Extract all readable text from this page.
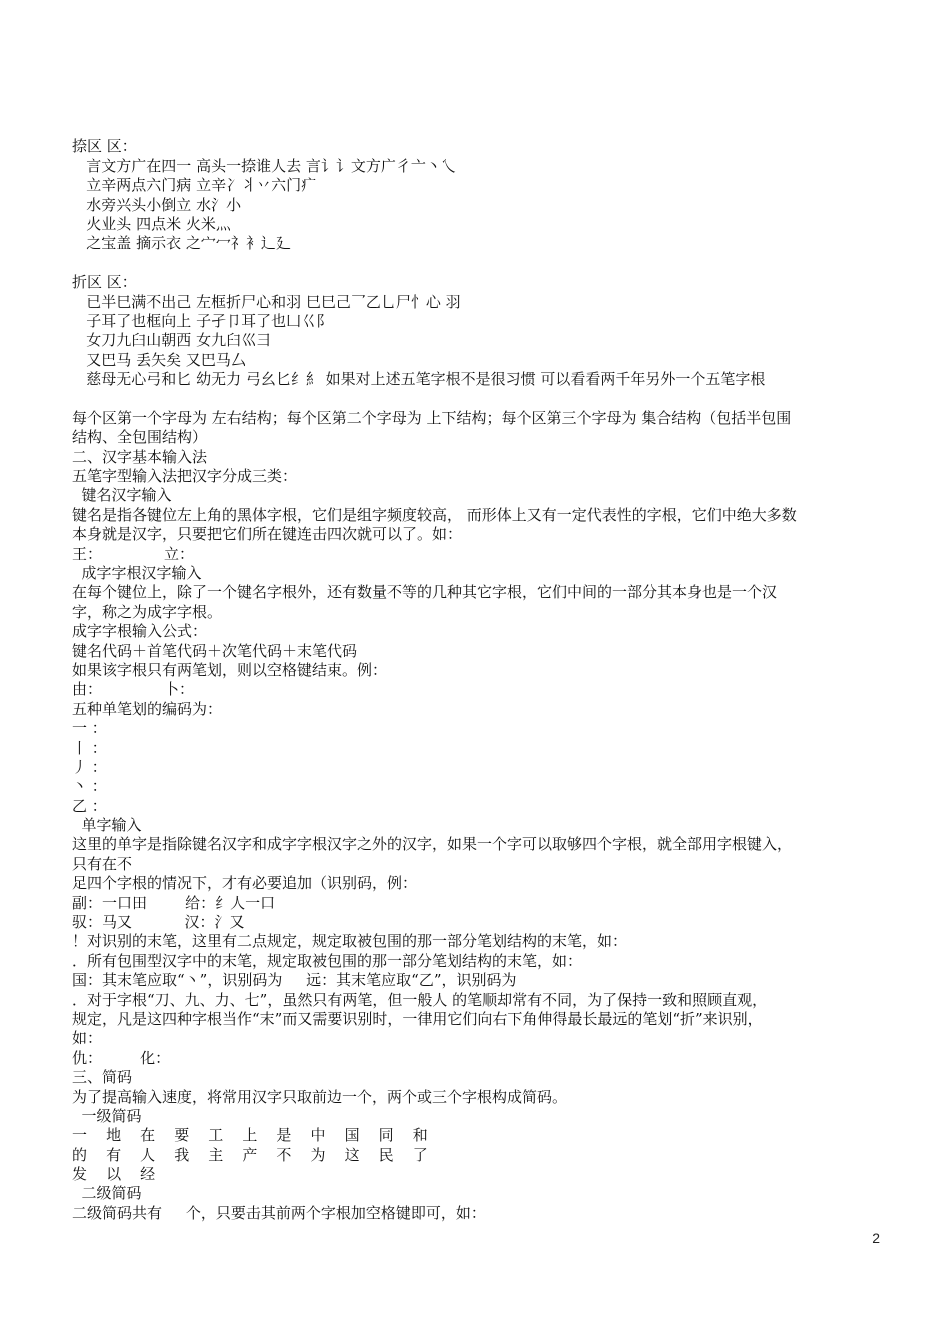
捺区 区：
言文方广在四一 高头一捺谁人去 言讠讠文方广彳亠丶乀
立辛两点六门病 立辛冫丬丷六门疒
水旁兴头小倒立 水氵小
火业头 四点米 火米灬
之宝盖 摘示衣 之宀冖礻衤辶廴
折区 区：
已半巳满不出己 左框折尸心和羽 巳巳己乛乙乚尸忄心 羽
子耳了也框向上 子孑卩耳了也凵巜阝
女刀九臼山朝西 女九臼巛彐
又巴马 丢矢矣 又巴马厶
慈母无心弓和匕 幼无力 弓幺匕纟糹 如果对上述五笔字根不是很习惯 可以看看两千年另外一个五笔字根
每个区第一个字母为 左右结构；每个区第二个字母为 上下结构；每个区第三个字母为 集合结构（包括半包围
结构、全包围结构）
二、汉字基本输入法
五笔字型输入法把汉字分成三类：
键名汉字输入
键名是指各键位左上角的黑体字根，它们是组字频度较高， 而形体上又有一定代表性的字根，它们中绝大多数
本身就是汉字，只要把它们所在键连击四次就可以了。如：
王：             立：
成字字根汉字输入
在每个键位上，除了一个键名字根外，还有数量不等的几种其它字根，它们中间的一部分其本身也是一个汉
字，称之为成字字根。
成字字根输入公式：
键名代码＋首笔代码＋次笔代码＋末笔代码
如果该字根只有两笔划，则以空格键结束。例：
由：             卜：
五种单笔划的编码为：
一 ：
丨 ：
丿 ：
丶 ：
乙 ：
单字输入
这里的单字是指除键名汉字和成字字根汉字之外的汉字，如果一个字可以取够四个字根，就全部用字根键入，
只有在不
足四个字根的情况下，才有必要追加（识别码，例：
副：一口田        给：纟人一口
驭：马又           汉：氵又
！对识别的末笔，这里有二点规定，规定取被包围的那一部分笔划结构的末笔，如：
．所有包围型汉字中的末笔，规定取被包围的那一部分笔划结构的末笔，如：
国：其末笔应取“丶”，识别码为     远：其末笔应取“乙”，识别码为
．对于字根“刀、九、力、七”，虽然只有两笔，但一般人 的笔顺却常有不同，为了保持一致和照顾直观，
规定，凡是这四种字根当作“末”而又需要识别时，一律用它们向右下角伸得最长最远的笔划“折”来识别，
如：
仇：        化：
三、简码
为了提高输入速度，将常用汉字只取前边一个，两个或三个字根构成简码。
一级简码
一    地    在    要    工    上    是    中    国    同    和
的    有    人    我    主    产    不    为    这    民    了
发    以    经
二级简码
二级简码共有     个，只要击其前两个字根加空格键即可，如：
2
